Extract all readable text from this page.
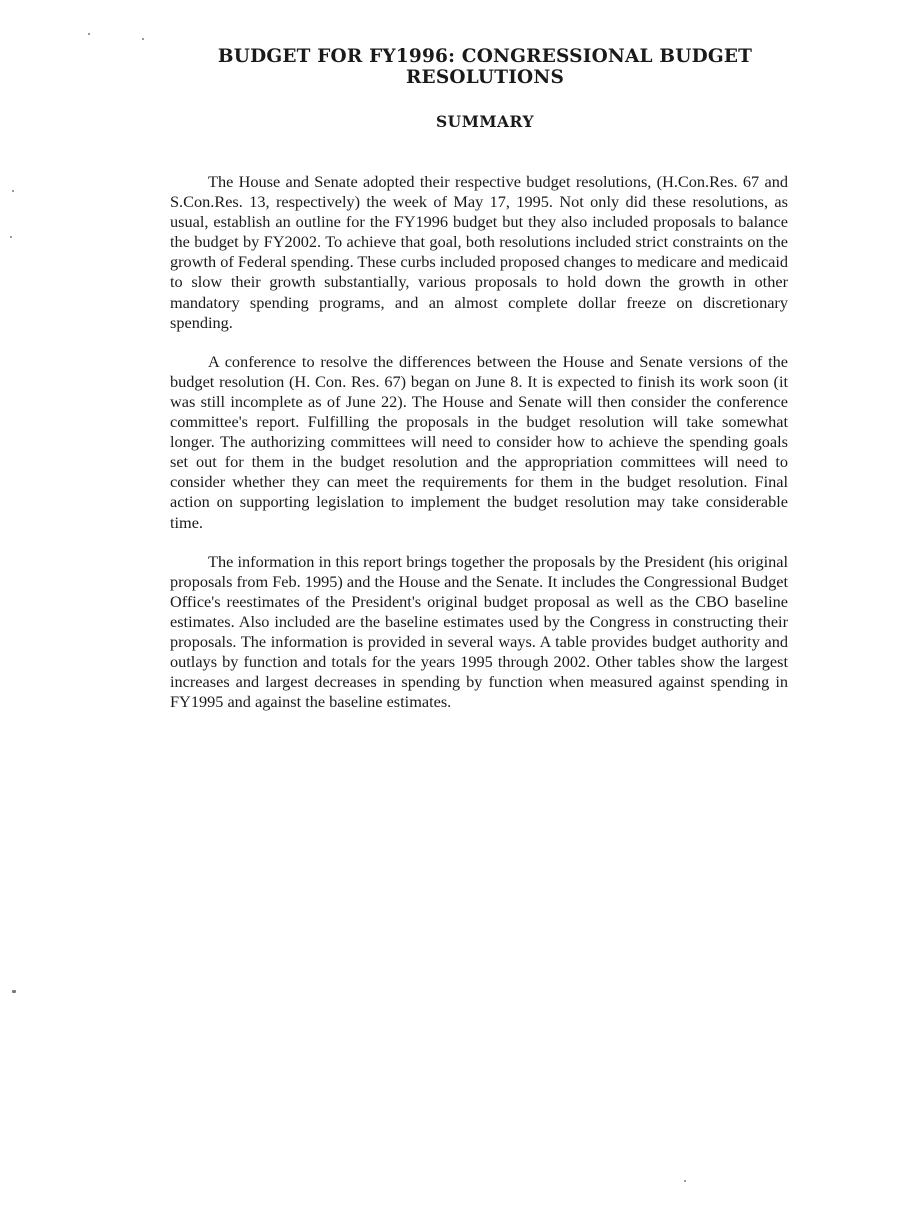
BUDGET FOR FY1996: CONGRESSIONAL BUDGET RESOLUTIONS
SUMMARY

The House and Senate adopted their respective budget resolutions, (H.Con.Res. 67 and S.Con.Res. 13, respectively) the week of May 17, 1995. Not only did these resolutions, as usual, establish an outline for the FY1996 budget but they also included proposals to balance the budget by FY2002. To achieve that goal, both resolutions included strict constraints on the growth of Federal spending. These curbs included proposed changes to medicare and medicaid to slow their growth substantially, various proposals to hold down the growth in other mandatory spending programs, and an almost complete dollar freeze on discretionary spending.

A conference to resolve the differences between the House and Senate versions of the budget resolution (H. Con. Res. 67) began on June 8. It is expected to finish its work soon (it was still incomplete as of June 22). The House and Senate will then consider the conference committee's report. Fulfilling the proposals in the budget resolution will take somewhat longer. The authorizing committees will need to consider how to achieve the spending goals set out for them in the budget resolution and the appropriation committees will need to consider whether they can meet the requirements for them in the budget resolution. Final action on supporting legislation to implement the budget resolution may take considerable time.

The information in this report brings together the proposals by the President (his original proposals from Feb. 1995) and the House and the Senate. It includes the Congressional Budget Office's reestimates of the President's original budget proposal as well as the CBO baseline estimates. Also included are the baseline estimates used by the Congress in constructing their proposals. The information is provided in several ways. A table provides budget authority and outlays by function and totals for the years 1995 through 2002. Other tables show the largest increases and largest decreases in spending by function when measured against spending in FY1995 and against the baseline estimates.
